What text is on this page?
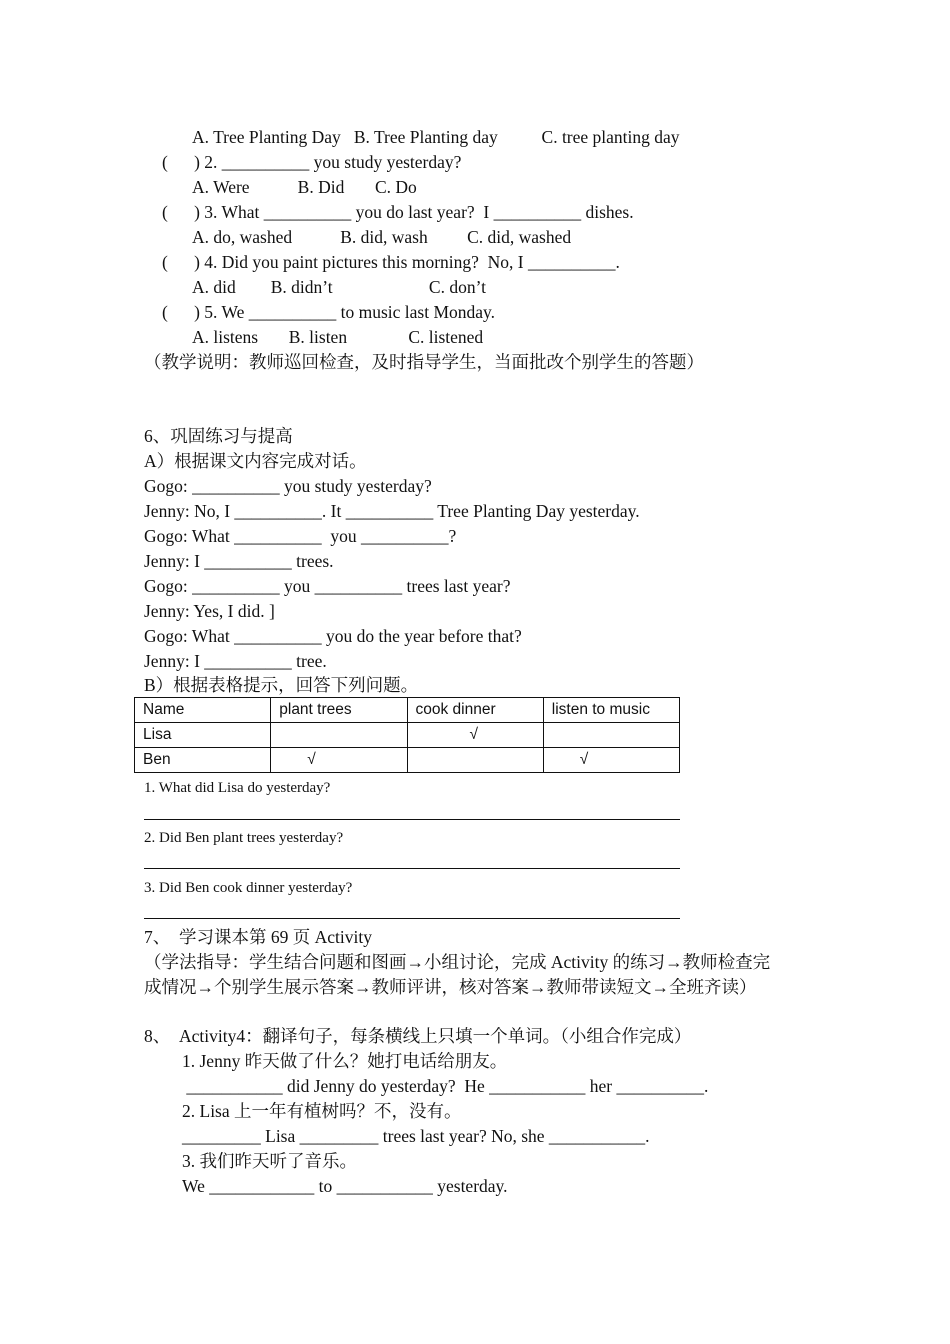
A. Tree Planting Day   B. Tree Planting day          C. tree planting day
(      ) 2. __________ you study yesterday?
A. Were           B. Did       C. Do
(      ) 3. What __________ you do last year?  I __________ dishes.
A. do, washed           B. did, wash         C. did, washed
(      ) 4. Did you paint pictures this morning?  No, I __________.
A. did        B. didn’t                      C. don’t
(      ) 5. We __________ to music last Monday.
A. listens       B. listen              C. listened
（教学说明：教师巡回检查，及时指导学生，当面批改个别学生的答题）
6、巩固练习与提高
A）根据课文内容完成对话。
Gogo: __________ you study yesterday?
Jenny: No, I __________. It __________ Tree Planting Day yesterday.
Gogo: What __________  you __________?
Jenny: I __________ trees.
Gogo: __________ you __________ trees last year?
Jenny: Yes, I did. ]
Gogo: What __________ you do the year before that?
Jenny: I __________ tree.
B）根据表格提示，回答下列问题。
Name	plant trees	cook dinner	listen to music
Lisa		√	
Ben	√		√
1. What did Lisa do yesterday?
2. Did Ben plant trees yesterday?
3. Did Ben cook dinner yesterday?
7、  学习课本第 69 页 Activity
（学法指导：学生结合问题和图画→小组讨论，完成 Activity 的练习→教师检查完
成情况→个别学生展示答案→教师评讲，核对答案→教师带读短文→全班齐读）
8、  Activity4：翻译句子，每条横线上只填一个单词。（小组合作完成）
1. Jenny 昨天做了什么？她打电话给朋友。
___________ did Jenny do yesterday?  He ___________ her __________.
2. Lisa 上一年有植树吗？不，没有。
_________ Lisa _________ trees last year? No, she ___________.
3. 我们昨天听了音乐。
We ____________ to ___________ yesterday.
